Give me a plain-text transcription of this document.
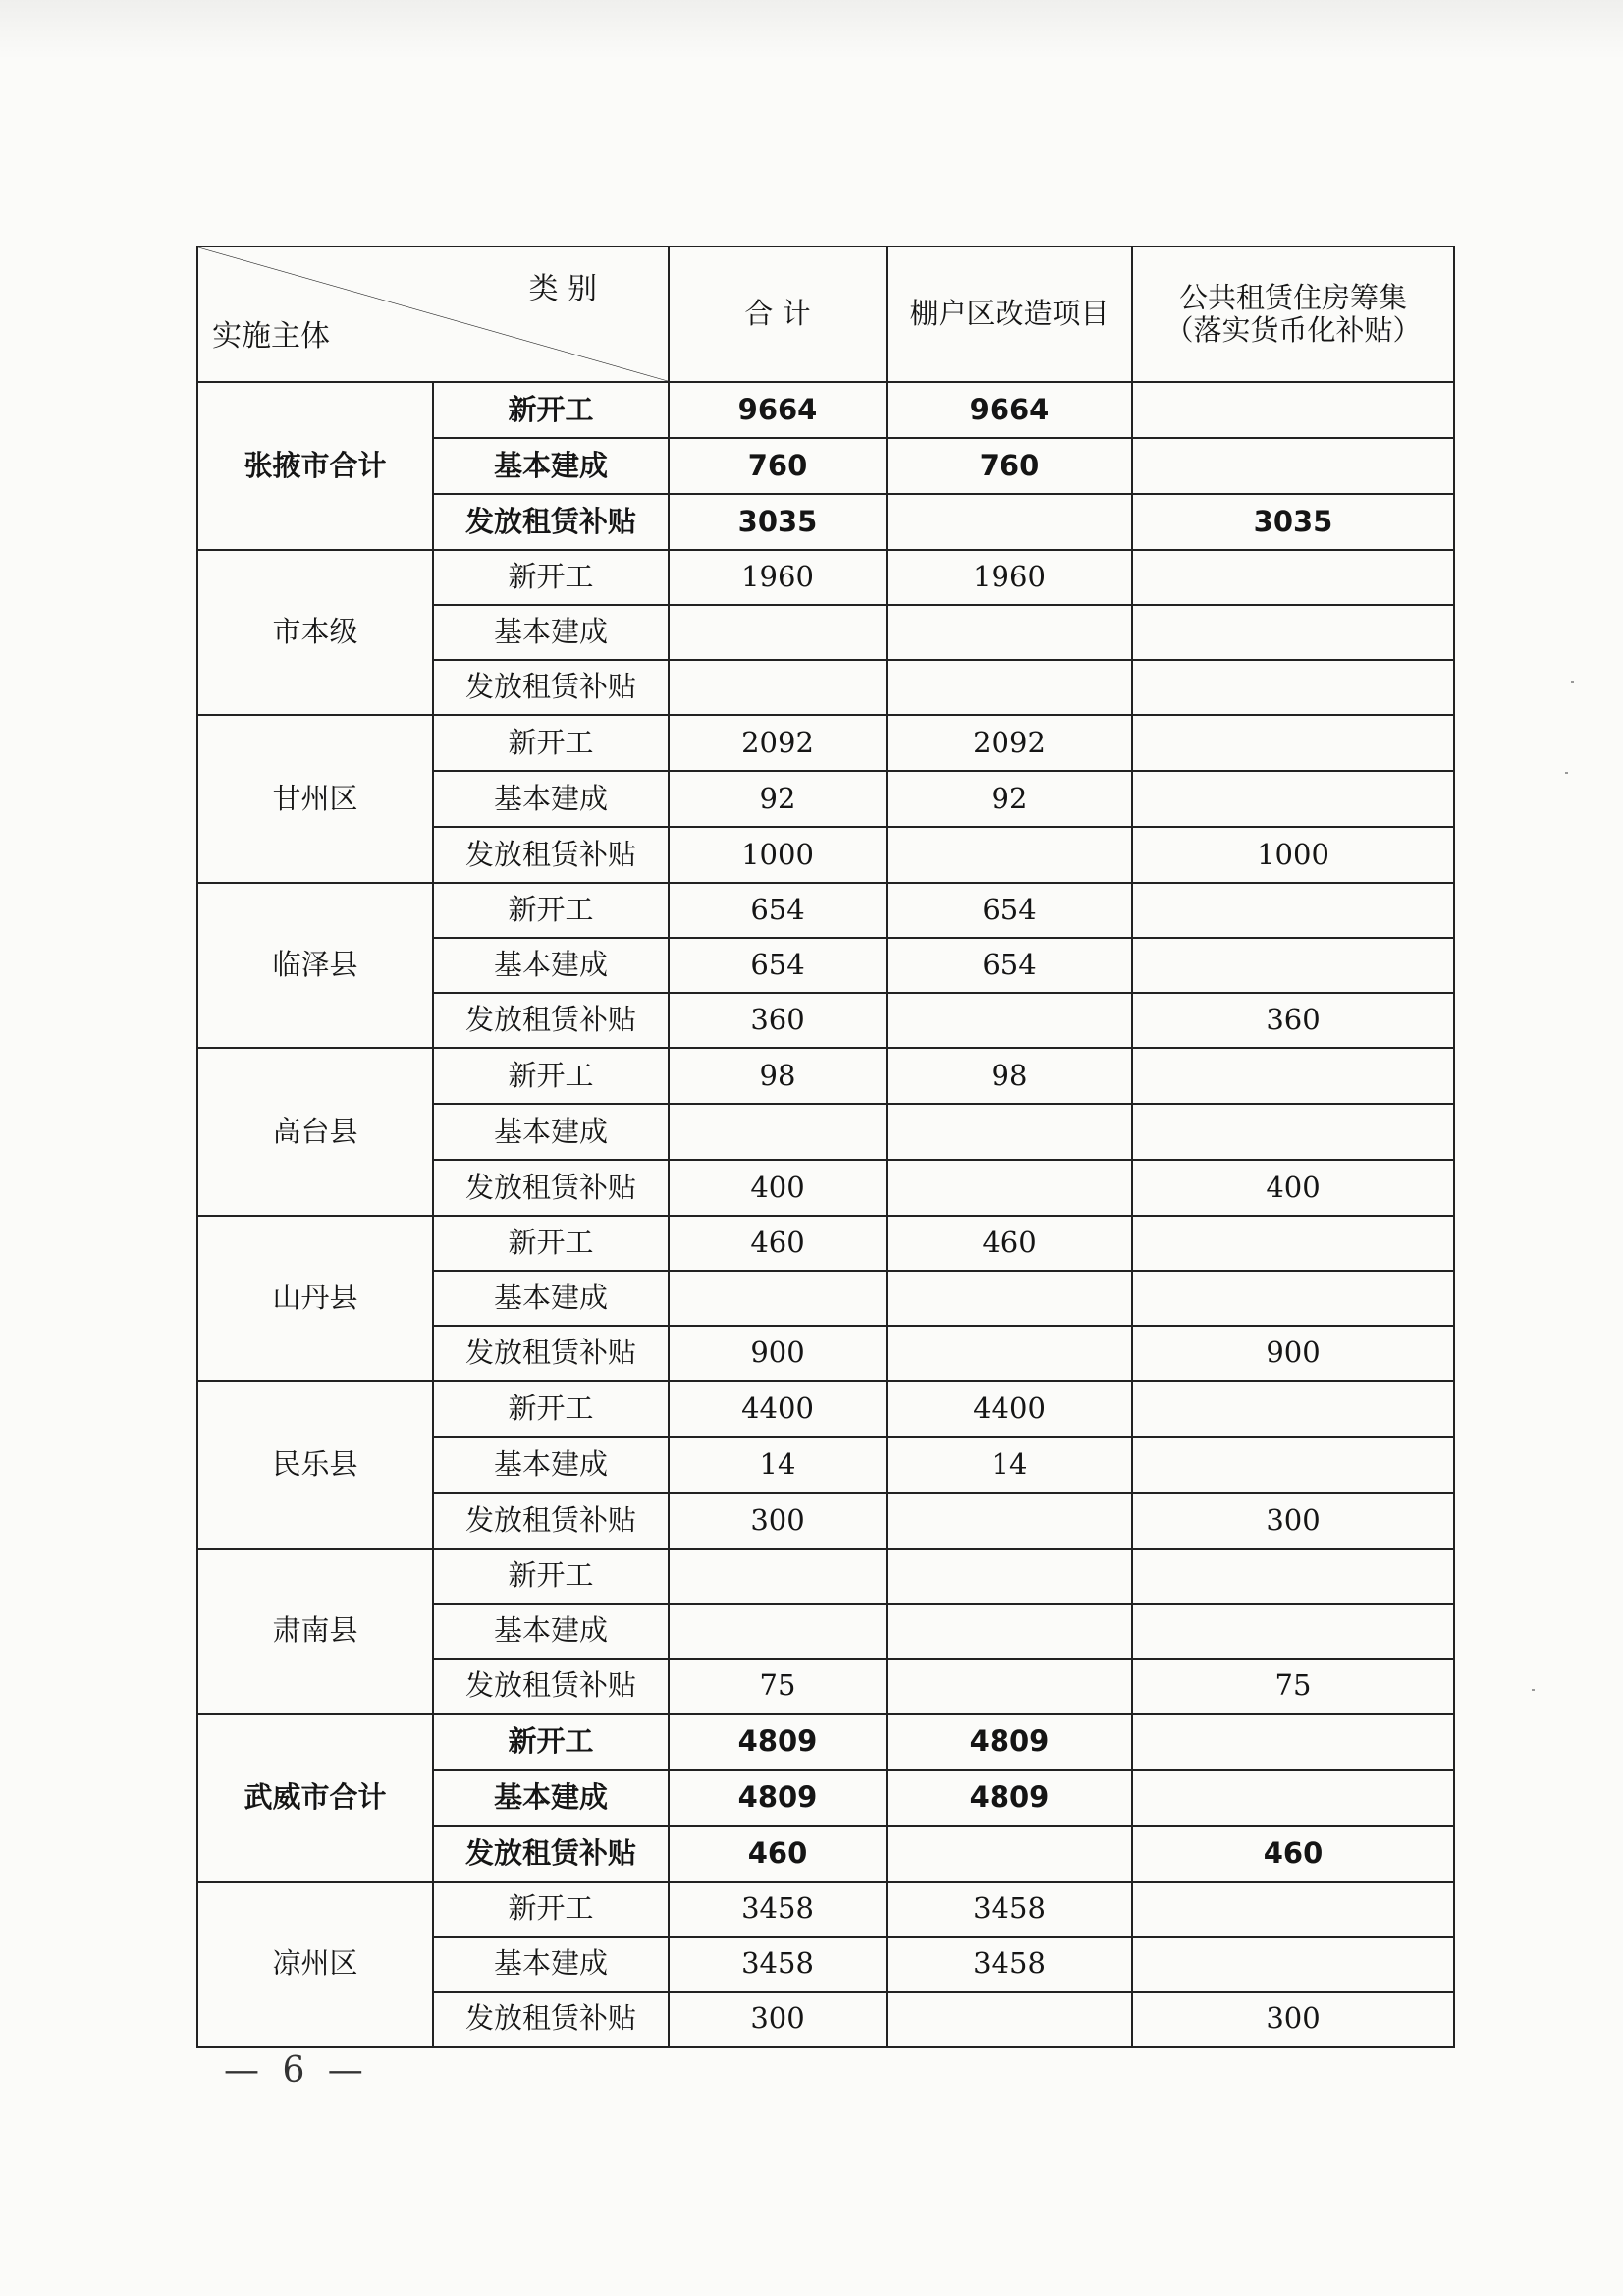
类 别
实施主体		合 计	棚户区改造项目	公共租赁住房筹集
（落实货币化补贴）
张掖市合计	新开工	9664	9664	
	基本建成	760	760	
	发放租赁补贴	3035		3035
市本级	新开工	1960	1960	
	基本建成			
	发放租赁补贴			
甘州区	新开工	2092	2092	
	基本建成	92	92	
	发放租赁补贴	1000		1000
临泽县	新开工	654	654	
	基本建成	654	654	
	发放租赁补贴	360		360
高台县	新开工	98	98	
	基本建成			
	发放租赁补贴	400		400
山丹县	新开工	460	460	
	基本建成			
	发放租赁补贴	900		900
民乐县	新开工	4400	4400	
	基本建成	14	14	
	发放租赁补贴	300		300
肃南县	新开工			
	基本建成			
	发放租赁补贴	75		75
武威市合计	新开工	4809	4809	
	基本建成	4809	4809	
	发放租赁补贴	460		460
凉州区	新开工	3458	3458	
	基本建成	3458	3458	
	发放租赁补贴	300		300
— 6 —
